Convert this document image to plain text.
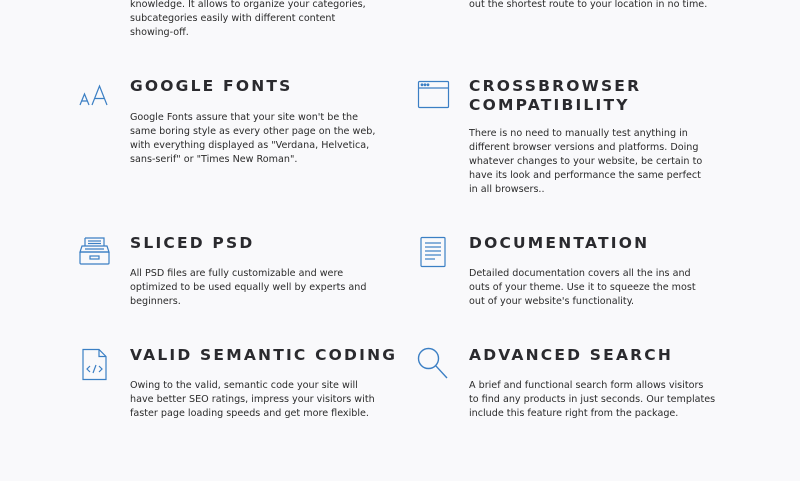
knowledge. It allows to organize your categories,
subcategories easily with different content
showing-off.

out the shortest route to your location in no time.

GOOGLE FONTS

Google Fonts assure that your site won't be the
same boring style as every other page on the web,
with everything displayed as "Verdana, Helvetica,
sans-serif" or "Times New Roman".

CROSSBROWSER
COMPATIBILITY

There is no need to manually test anything in
different browser versions and platforms. Doing
whatever changes to your website, be certain to
have its look and performance the same perfect
in all browsers..

SLICED PSD

All PSD files are fully customizable and were
optimized to be used equally well by experts and
beginners.

DOCUMENTATION

Detailed documentation covers all the ins and
outs of your theme. Use it to squeeze the most
out of your website's functionality.

VALID SEMANTIC CODING

Owing to the valid, semantic code your site will
have better SEO ratings, impress your visitors with
faster page loading speeds and get more flexible.

ADVANCED SEARCH

A brief and functional search form allows visitors
to find any products in just seconds. Our templates
include this feature right from the package.
